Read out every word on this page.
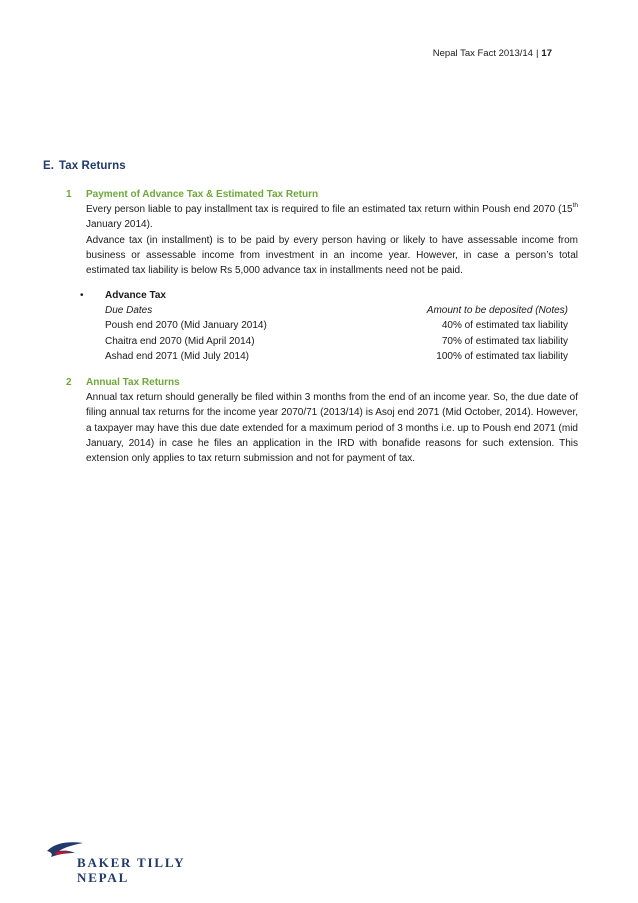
Nepal Tax Fact 2013/14 | 17
E. Tax Returns
1 Payment of Advance Tax & Estimated Tax Return

Every person liable to pay installment tax is required to file an estimated tax return within Poush end 2070 (15th January 2014).

Advance tax (in installment) is to be paid by every person having or likely to have assessable income from business or assessable income from investment in an income year. However, in case a person’s total estimated tax liability is below Rs 5,000 advance tax in installments need not be paid.

• Advance Tax
Due Dates	Amount to be deposited (Notes)
Poush end 2070 (Mid January 2014)	40% of estimated tax liability
Chaitra end 2070 (Mid April 2014)	70% of estimated tax liability
Ashad end 2071 (Mid July 2014)	100% of estimated tax liability
2 Annual Tax Returns

Annual tax return should generally be filed within 3 months from the end of an income year. So, the due date of filing annual tax returns for the income year 2070/71 (2013/14) is Asoj end 2071 (Mid October, 2014). However, a taxpayer may have this due date extended for a maximum period of 3 months i.e. up to Poush end 2071 (mid January, 2014) in case he files an application in the IRD with bonafide reasons for such extension. This extension only applies to tax return submission and not for payment of tax.

BAKER TILLY
NEPAL
